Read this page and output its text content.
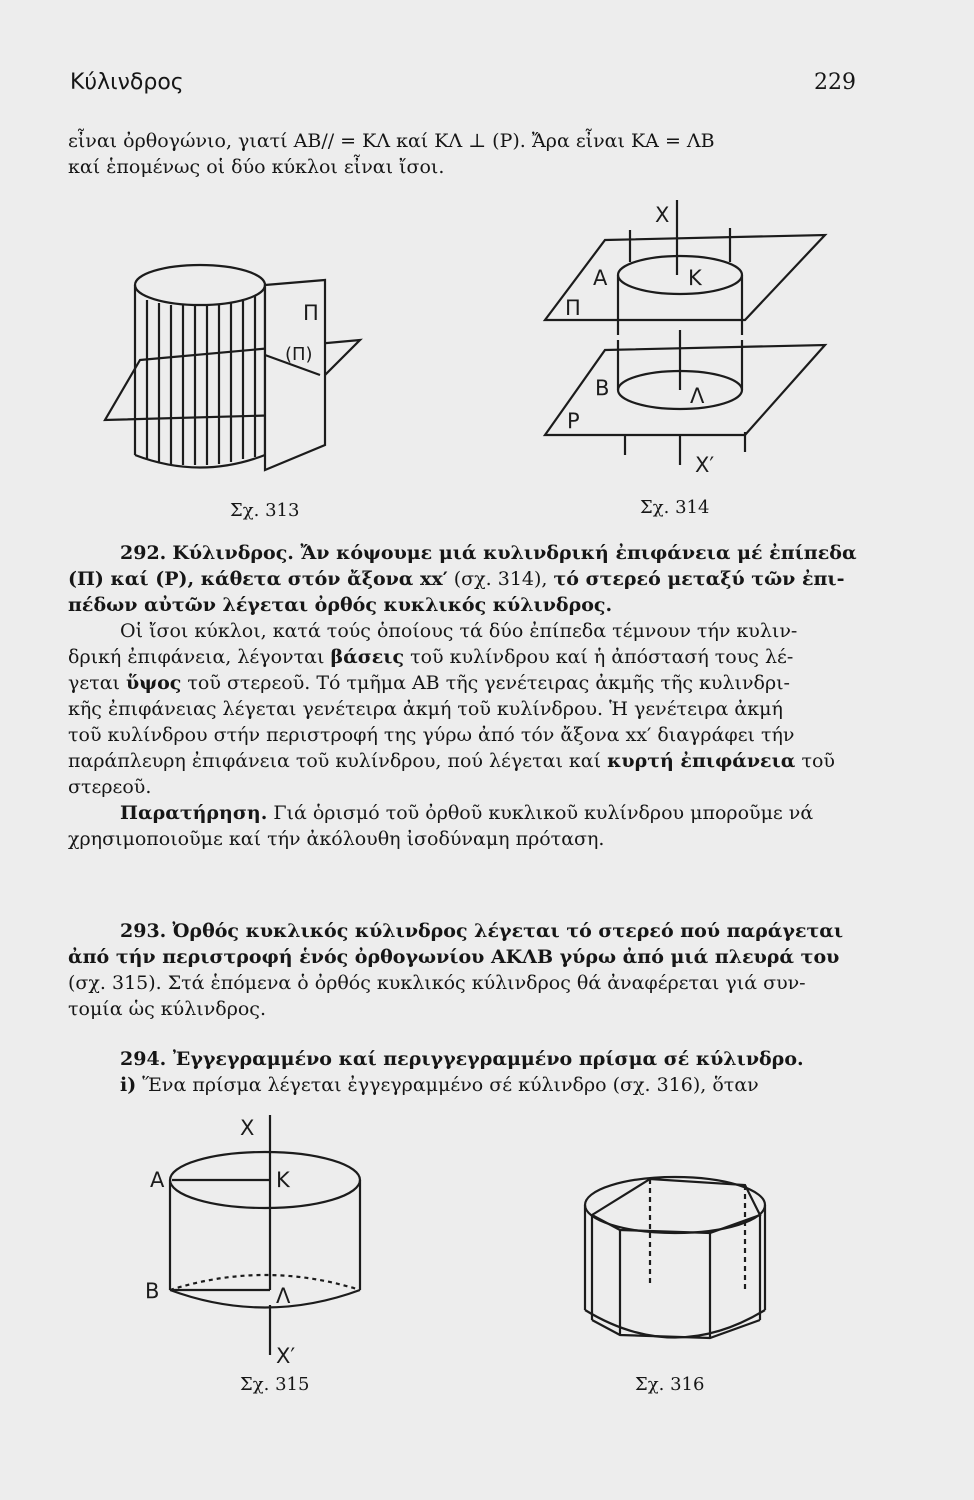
Κύλινδρος	229
εἶναι ὀρθογώνιο, γιατί ΑΒ// = ΚΛ καί ΚΛ ⊥ (Ρ). Ἄρα εἶναι ΚΑ = ΛΒ
καί ἑπομένως οἱ δύο κύκλοι εἶναι ἴσοι.
Π
(Π)
Σχ. 313
X
Α	Κ
Π
Β	Λ
Ρ
X′
Σχ. 314
292. Κύλινδρος. Ἄν κόψουμε μιά κυλινδρική ἐπιφάνεια μέ ἐπίπεδα
(Π) καί (Ρ), κάθετα στόν ἄξονα xx′ (σχ. 314), τό στερεό μεταξύ τῶν ἐπι-
πέδων αὐτῶν λέγεται ὀρθός κυκλικός κύλινδρος.
Οἱ ἴσοι κύκλοι, κατά τούς ὁποίους τά δύο ἐπίπεδα τέμνουν τήν κυλιν-
δρική ἐπιφάνεια, λέγονται βάσεις τοῦ κυλίνδρου καί ἡ ἀπόστασή τους λέ-
γεται ὕψος τοῦ στερεοῦ. Τό τμῆμα ΑΒ τῆς γενέτειρας ἀκμῆς τῆς κυλινδρι-
κῆς ἐπιφάνειας λέγεται γενέτειρα ἀκμή τοῦ κυλίνδρου. Ἡ γενέτειρα ἀκμή
τοῦ κυλίνδρου στήν περιστροφή της γύρω ἀπό τόν ἄξονα xx′ διαγράφει τήν
παράπλευρη ἐπιφάνεια τοῦ κυλίνδρου, πού λέγεται καί κυρτή ἐπιφάνεια τοῦ
στερεοῦ.
Παρατήρηση. Γιά ὁρισμό τοῦ ὀρθοῦ κυκλικοῦ κυλίνδρου μποροῦμε νά
χρησιμοποιοῦμε καί τήν ἀκόλουθη ἰσοδύναμη πρόταση.
293. Ὀρθός κυκλικός κύλινδρος λέγεται τό στερεό πού παράγεται
ἀπό τήν περιστροφή ἑνός ὀρθογωνίου ΑΚΛΒ γύρω ἀπό μιά πλευρά του
(σχ. 315). Στά ἑπόμενα ὁ ὀρθός κυκλικός κύλινδρος θά ἀναφέρεται γιά συν-
τομία ὡς κύλινδρος.
294. Ἐγγεγραμμένο καί περιγγεγραμμένο πρίσμα σέ κύλινδρο.
i) Ἕνα πρίσμα λέγεται ἐγγεγραμμένο σέ κύλινδρο (σχ. 316), ὅταν
X
Α	Κ
Β	Λ
X′
Σχ. 315	Σχ. 316
